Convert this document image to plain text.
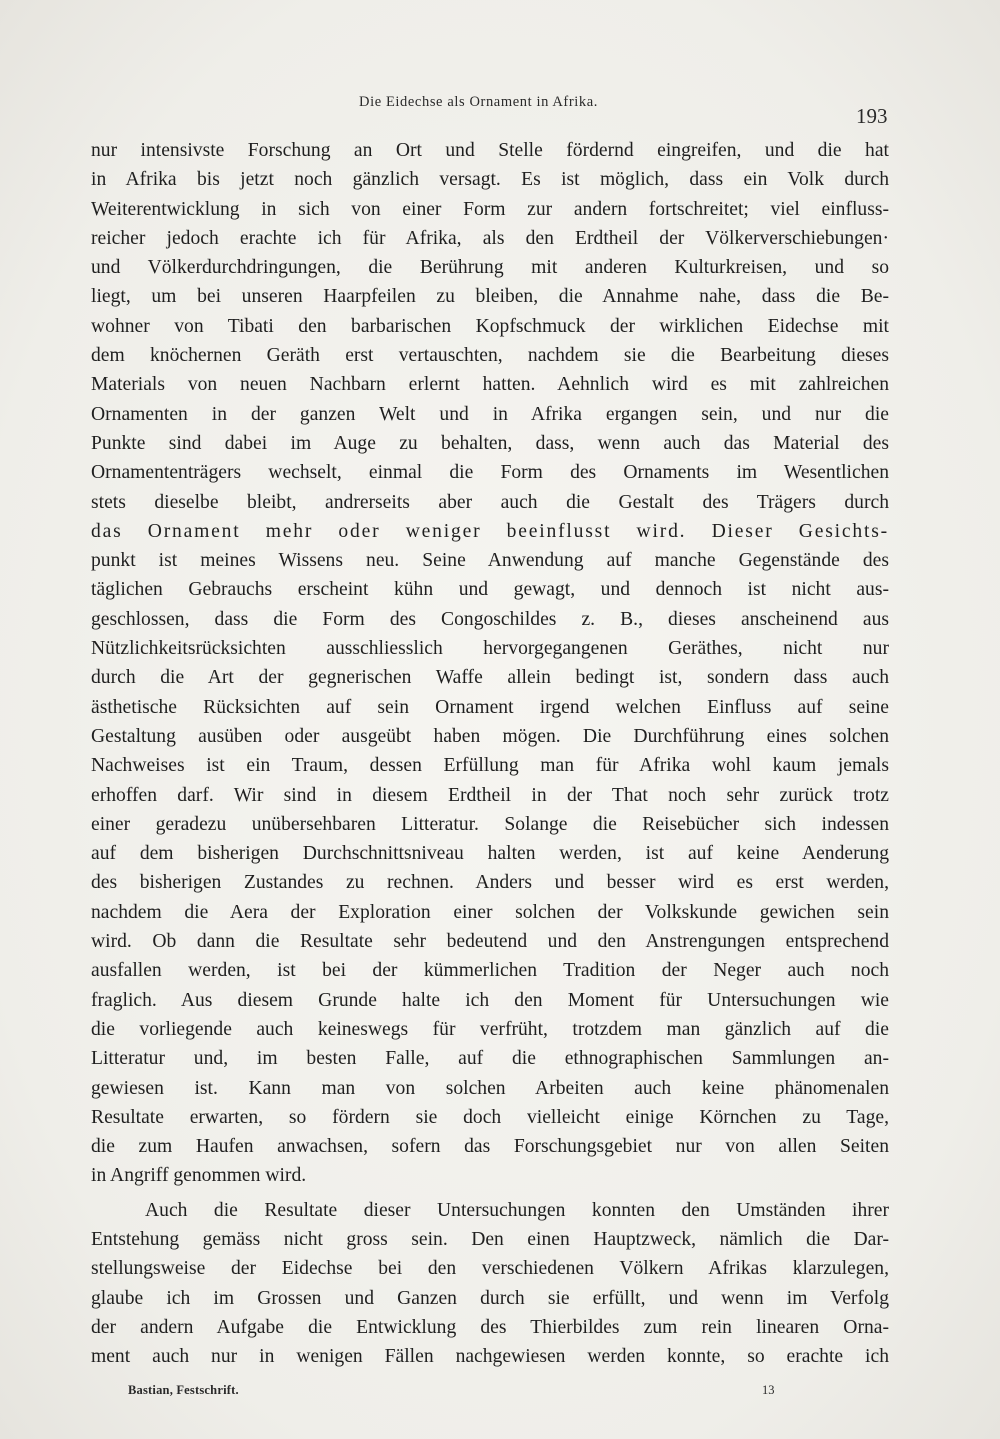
Die Eidechse als Ornament in Afrika.
193
nur intensivste Forschung an Ort und Stelle fördernd eingreifen, und die hat
in Afrika bis jetzt noch gänzlich versagt. Es ist möglich, dass ein Volk durch
Weiterentwicklung in sich von einer Form zur andern fortschreitet; viel einfluss-
reicher jedoch erachte ich für Afrika, als den Erdtheil der Völkerverschiebungen·
und Völkerdurchdringungen, die Berührung mit anderen Kulturkreisen, und so
liegt, um bei unseren Haarpfeilen zu bleiben, die Annahme nahe, dass die Be-
wohner von Tibati den barbarischen Kopfschmuck der wirklichen Eidechse mit
dem knöchernen Geräth erst vertauschten, nachdem sie die Bearbeitung dieses
Materials von neuen Nachbarn erlernt hatten. Aehnlich wird es mit zahlreichen
Ornamenten in der ganzen Welt und in Afrika ergangen sein, und nur die
Punkte sind dabei im Auge zu behalten, dass, wenn auch das Material des
Ornamententrägers wechselt, einmal die Form des Ornaments im Wesentlichen
stets dieselbe bleibt, andrerseits aber auch die Gestalt des Trägers durch
das Ornament mehr oder weniger beeinflusst wird. Dieser Gesichts-
punkt ist meines Wissens neu. Seine Anwendung auf manche Gegenstände des
täglichen Gebrauchs erscheint kühn und gewagt, und dennoch ist nicht aus-
geschlossen, dass die Form des Congoschildes z. B., dieses anscheinend aus
Nützlichkeitsrücksichten ausschliesslich hervorgegangenen Geräthes, nicht nur
durch die Art der gegnerischen Waffe allein bedingt ist, sondern dass auch
ästhetische Rücksichten auf sein Ornament irgend welchen Einfluss auf seine
Gestaltung ausüben oder ausgeübt haben mögen. Die Durchführung eines solchen
Nachweises ist ein Traum, dessen Erfüllung man für Afrika wohl kaum jemals
erhoffen darf. Wir sind in diesem Erdtheil in der That noch sehr zurück trotz
einer geradezu unübersehbaren Litteratur. Solange die Reisebücher sich indessen
auf dem bisherigen Durchschnittsniveau halten werden, ist auf keine Aenderung
des bisherigen Zustandes zu rechnen. Anders und besser wird es erst werden,
nachdem die Aera der Exploration einer solchen der Volkskunde gewichen sein
wird. Ob dann die Resultate sehr bedeutend und den Anstrengungen entsprechend
ausfallen werden, ist bei der kümmerlichen Tradition der Neger auch noch
fraglich. Aus diesem Grunde halte ich den Moment für Untersuchungen wie
die vorliegende auch keineswegs für verfrüht, trotzdem man gänzlich auf die
Litteratur und, im besten Falle, auf die ethnographischen Sammlungen an-
gewiesen ist. Kann man von solchen Arbeiten auch keine phänomenalen
Resultate erwarten, so fördern sie doch vielleicht einige Körnchen zu Tage,
die zum Haufen anwachsen, sofern das Forschungsgebiet nur von allen Seiten
in Angriff genommen wird.
Auch die Resultate dieser Untersuchungen konnten den Umständen ihrer
Entstehung gemäss nicht gross sein. Den einen Hauptzweck, nämlich die Dar-
stellungsweise der Eidechse bei den verschiedenen Völkern Afrikas klarzulegen,
glaube ich im Grossen und Ganzen durch sie erfüllt, und wenn im Verfolg
der andern Aufgabe die Entwicklung des Thierbildes zum rein linearen Orna-
ment auch nur in wenigen Fällen nachgewiesen werden konnte, so erachte ich
Bastian, Festschrift.	13
